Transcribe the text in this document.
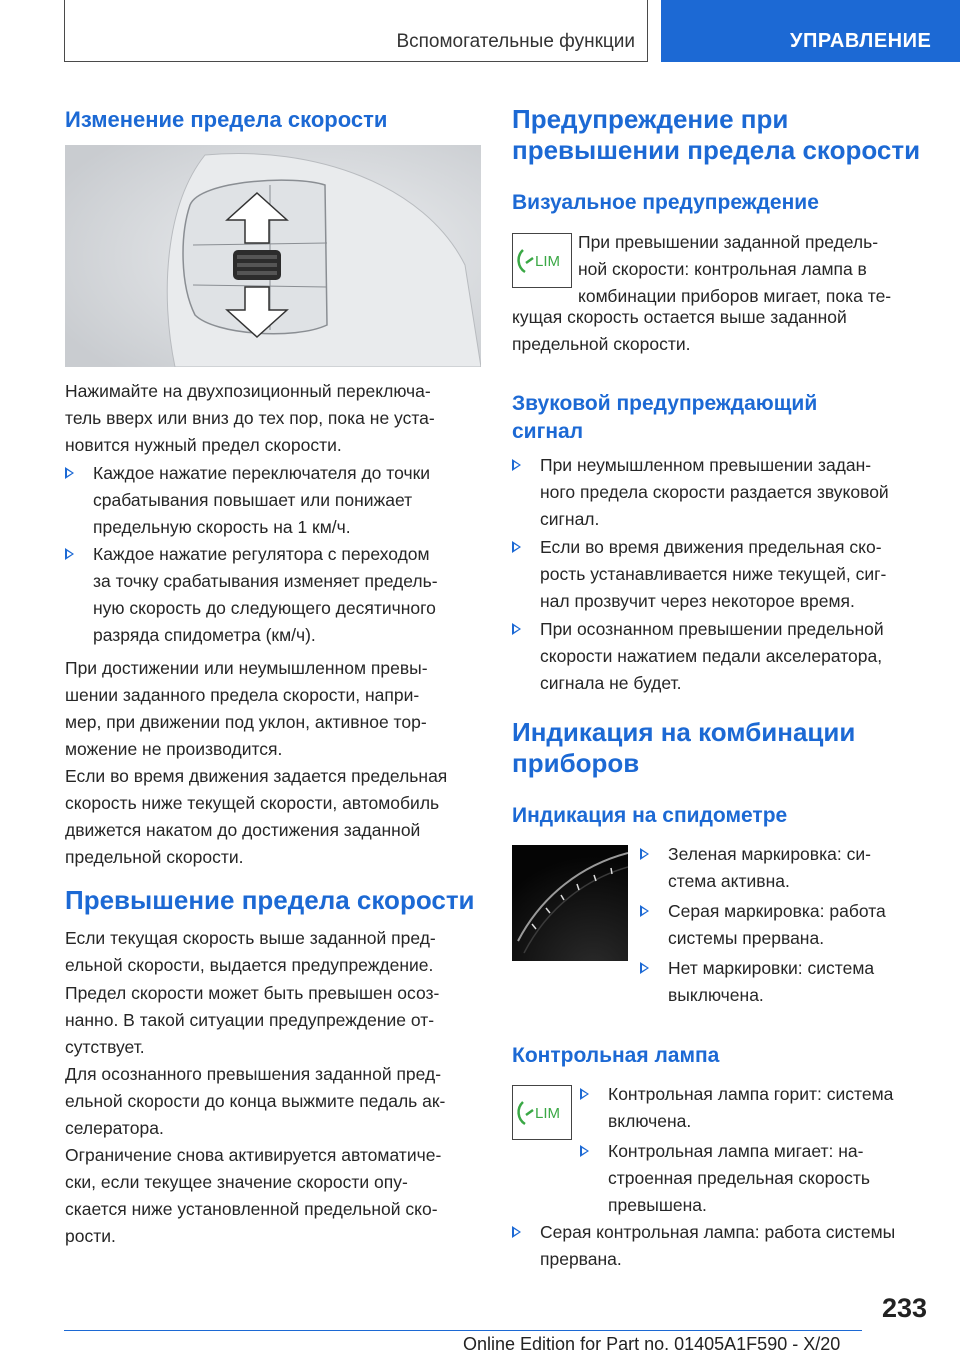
Вспомогательные функции	УПРАВЛЕНИЕ
Изменение предела скорости

Нажимайте на двухпозиционный переключа-
тель вверх или вниз до тех пор, пока не уста-
новится нужный предел скорости.

Каждое нажатие переключателя до точки
срабатывания повышает или понижает
предельную скорость на 1 км/ч.
Каждое нажатие регулятора с переходом
за точку срабатывания изменяет предель-
ную скорость до следующего десятичного
разряда спидометра (км/ч).

При достижении или неумышленном превы-
шении заданного предела скорости, напри-
мер, при движении под уклон, активное тор-
можение не производится.

Если во время движения задается предельная
скорость ниже текущей скорости, автомобиль
движется накатом до достижения заданной
предельной скорости.

Превышение предела скорости

Если текущая скорость выше заданной пред-
ельной скорости, выдается предупреждение.

Предел скорости может быть превышен осоз-
нанно. В такой ситуации предупреждение от-
сутствует.

Для осознанного превышения заданной пред-
ельной скорости до конца выжмите педаль ак-
селератора.

Ограничение снова активируется автоматиче-
ски, если текущее значение скорости опу-
скается ниже установленной предельной ско-
рости.

Предупреждение при
превышении предела скорости
Визуальное предупреждение
LIM

При превышении заданной предель-
ной скорости: контрольная лампа в
комбинации приборов мигает, пока те-

кущая скорость остается выше заданной
предельной скорости.

Звуковой предупреждающий
сигнал
При неумышленном превышении задан-
ного предела скорости раздается звуковой
сигнал.
Если во время движения предельная ско-
рость устанавливается ниже текущей, сиг-
нал прозвучит через некоторое время.
При осознанном превышении предельной
скорости нажатием педали акселератора,
сигнала не будет.
Индикация на комбинации
приборов
Индикация на спидометре
Зеленая маркировка: си-
стема активна.
Серая маркировка: работа
системы прервана.
Нет маркировки: система
выключена.
Контрольная лампа
LIM
Контрольная лампа горит: система
включена.
Контрольная лампа мигает: на-
строенная предельная скорость
превышена.
Серая контрольная лампа: работа системы
прервана.
233
Online Edition for Part no. 01405A1F590 - X/20
